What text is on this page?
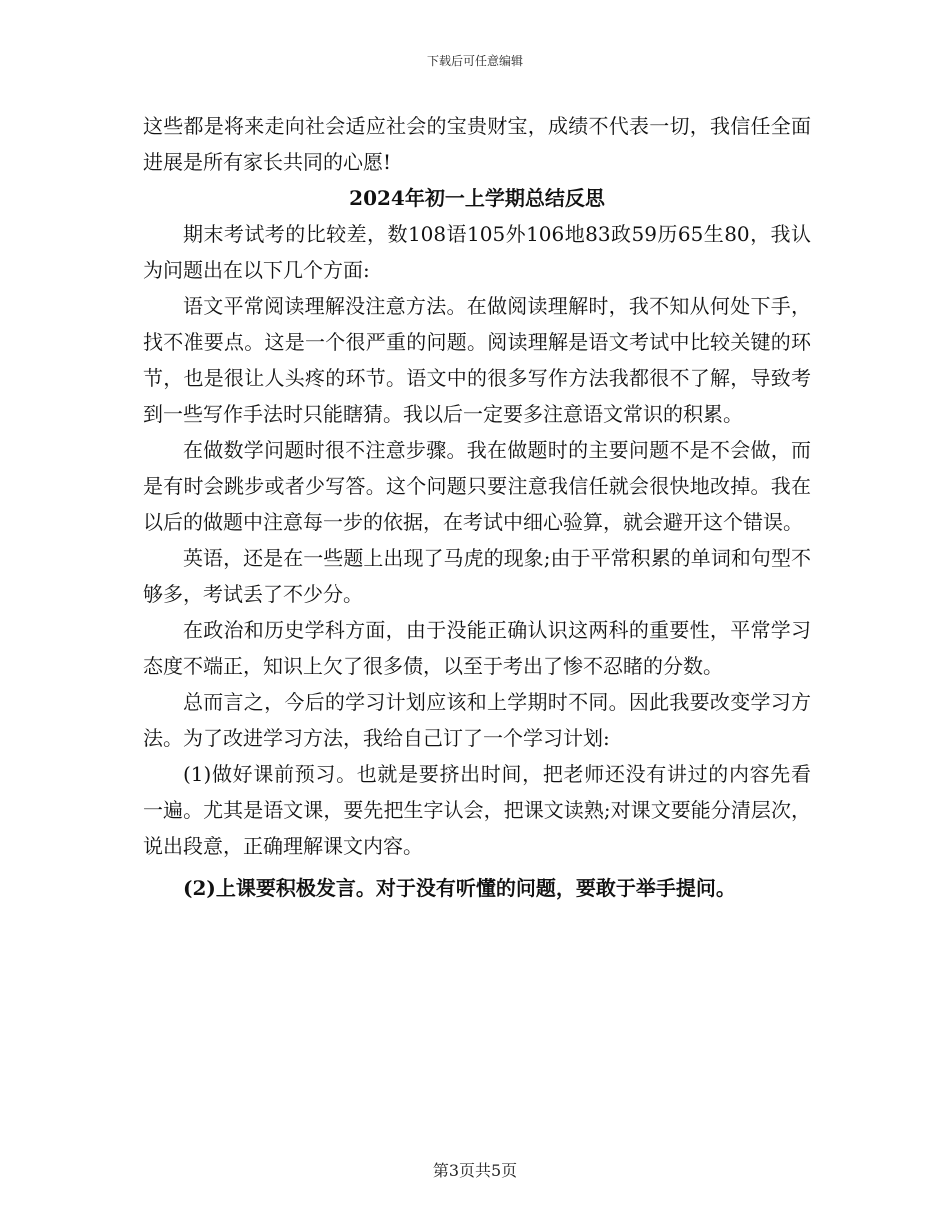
下载后可任意编辑

这些都是将来走向社会适应社会的宝贵财宝，成绩不代表一切，我信任全面进展是所有家长共同的心愿!

2024年初一上学期总结反思

期末考试考的比较差，数108语105外106地83政59历65生80，我认为问题出在以下几个方面:

语文平常阅读理解没注意方法。在做阅读理解时，我不知从何处下手，找不准要点。这是一个很严重的问题。阅读理解是语文考试中比较关键的环节，也是很让人头疼的环节。语文中的很多写作方法我都很不了解，导致考到一些写作手法时只能瞎猜。我以后一定要多注意语文常识的积累。

在做数学问题时很不注意步骤。我在做题时的主要问题不是不会做，而是有时会跳步或者少写答。这个问题只要注意我信任就会很快地改掉。我在以后的做题中注意每一步的依据，在考试中细心验算，就会避开这个错误。

英语，还是在一些题上出现了马虎的现象;由于平常积累的单词和句型不够多，考试丢了不少分。

在政治和历史学科方面，由于没能正确认识这两科的重要性，平常学习态度不端正，知识上欠了很多债，以至于考出了惨不忍睹的分数。

总而言之，今后的学习计划应该和上学期时不同。因此我要改变学习方法。为了改进学习方法，我给自己订了一个学习计划:

(1)做好课前预习。也就是要挤出时间，把老师还没有讲过的内容先看一遍。尤其是语文课，要先把生字认会，把课文读熟;对课文要能分清层次，说出段意，正确理解课文内容。

(2)上课要积极发言。对于没有听懂的问题，要敢于举手提问。

第3页共5页
